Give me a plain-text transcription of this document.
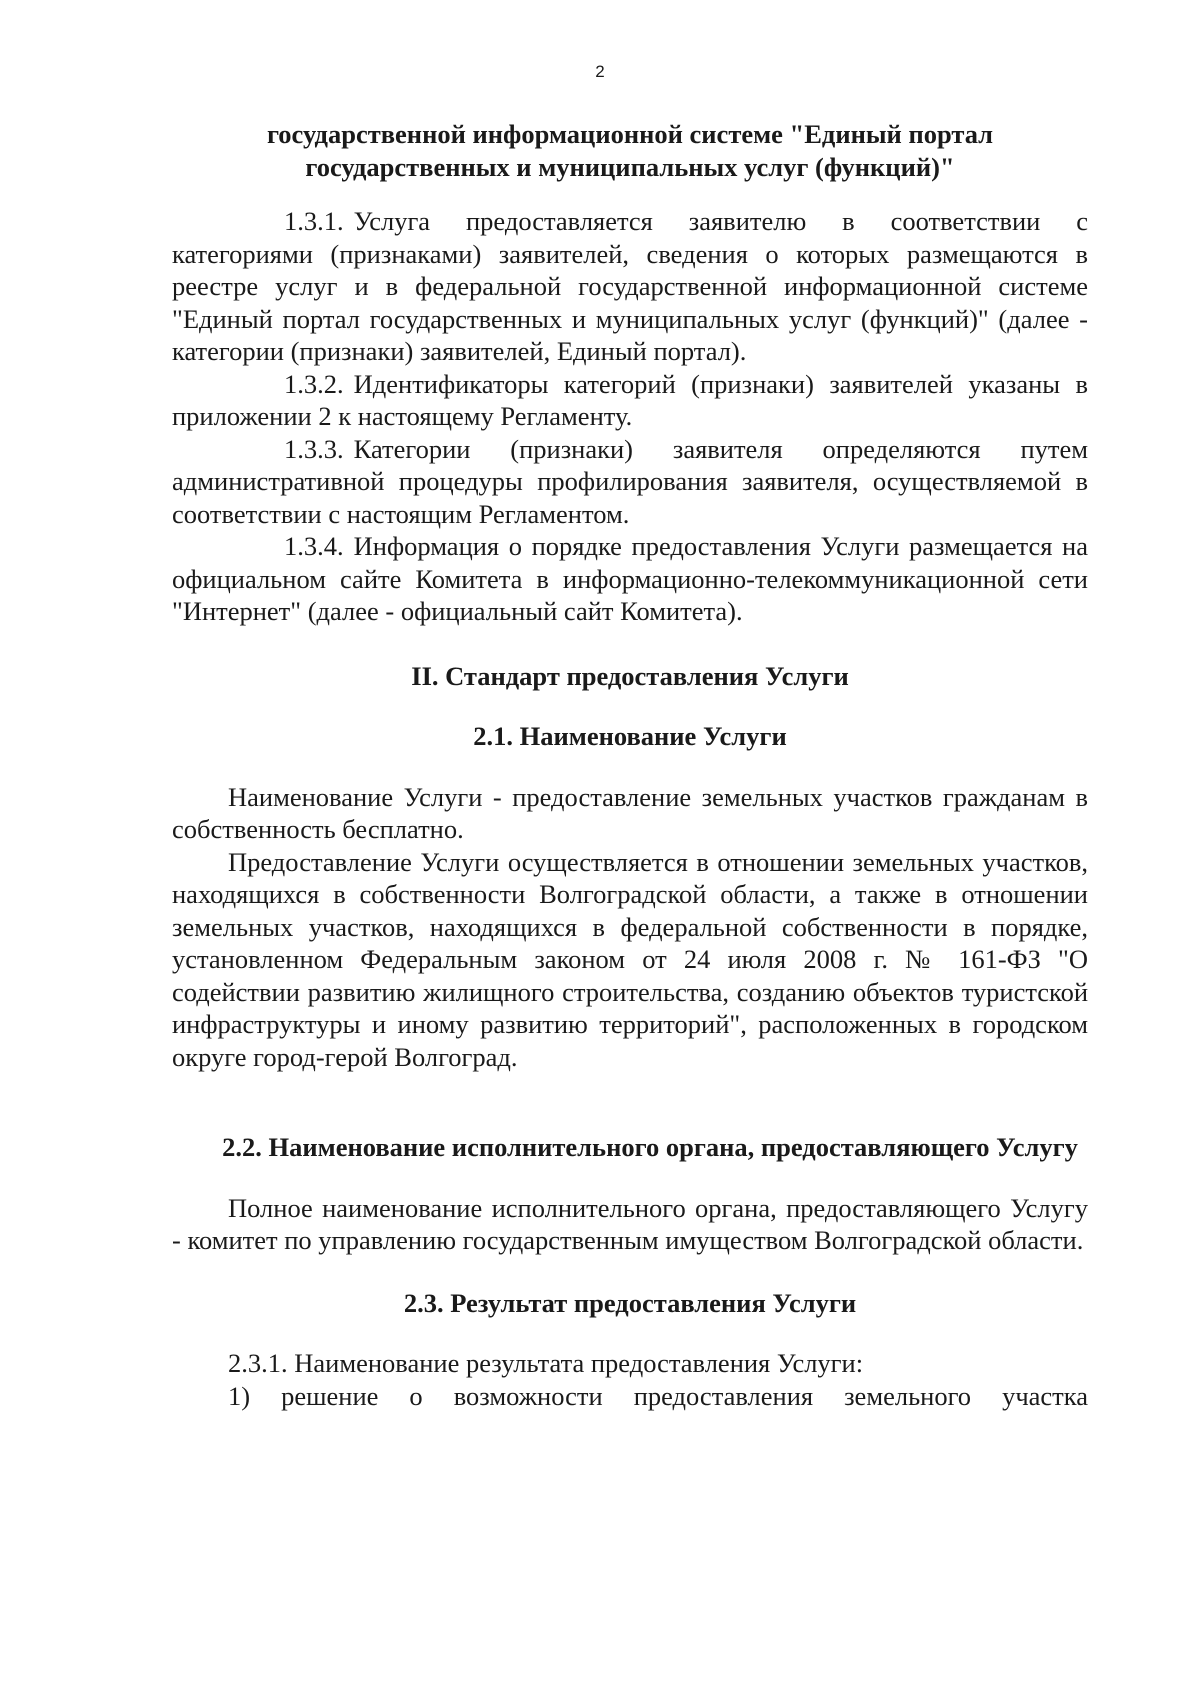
2

государственной информационной системе "Единый портал государственных и муниципальных услуг (функций)"

1.3.1. Услуга предоставляется заявителю в соответствии с категориями (признаками) заявителей, сведения о которых размещаются в реестре услуг и в федеральной государственной информационной системе "Единый портал государственных и муниципальных услуг (функций)" (далее - категории (признаки) заявителей, Единый портал).

1.3.2. Идентификаторы категорий (признаки) заявителей указаны в приложении 2 к настоящему Регламенту.

1.3.3. Категории (признаки) заявителя определяются путем административной процедуры профилирования заявителя, осуществляемой в соответствии с настоящим Регламентом.

1.3.4. Информация о порядке предоставления Услуги размещается на официальном сайте Комитета в информационно-телекоммуникационной сети "Интернет" (далее - официальный сайт Комитета).

II. Стандарт предоставления Услуги

2.1. Наименование Услуги

Наименование Услуги - предоставление земельных участков гражданам в собственность бесплатно.

Предоставление Услуги осуществляется в отношении земельных участков, находящихся в собственности Волгоградской области, а также в отношении земельных участков, находящихся в федеральной собственности в порядке, установленном Федеральным законом от 24 июля 2008 г. № 161-ФЗ "О содействии развитию жилищного строительства, созданию объектов туристской инфраструктуры и иному развитию территорий", расположенных в городском округе город-герой Волгоград.

2.2. Наименование исполнительного органа, предоставляющего Услугу

Полное наименование исполнительного органа, предоставляющего Услугу - комитет по управлению государственным имуществом Волгоградской области.

2.3. Результат предоставления Услуги

2.3.1. Наименование результата предоставления Услуги:

1) решение о возможности предоставления земельного участка
